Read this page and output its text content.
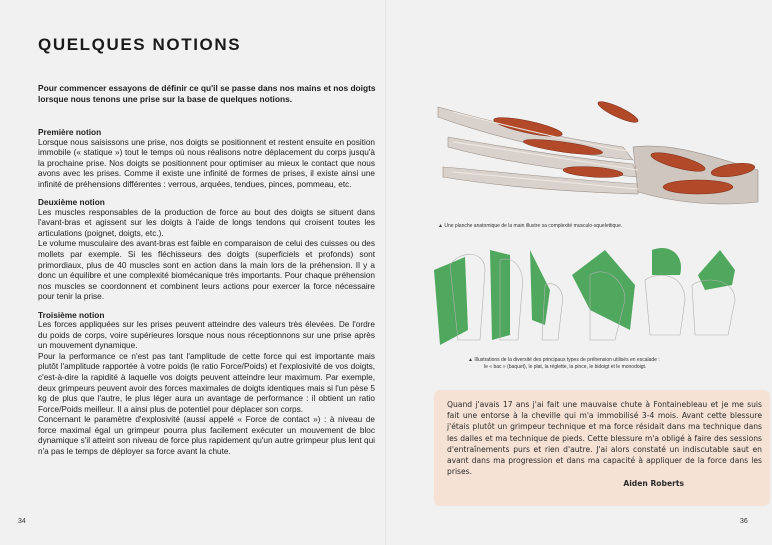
QUELQUES NOTIONS
Pour commencer essayons de définir ce qu'il se passe dans nos mains et nos doigts lorsque nous tenons une prise sur la base de quelques notions.
Première notion

Lorsque nous saisissons une prise, nos doigts se positionnent et restent ensuite en position immobile (« statique ») tout le temps où nous réalisons notre déplacement du corps jusqu'à la prochaine prise. Nos doigts se positionnent pour optimiser au mieux le contact que nous avons avec les prises. Comme il existe une infinité de formes de prises, il existe ainsi une infinité de préhensions différentes : verrous, arquées, tendues, pinces, pommeau, etc.

Deuxième notion

Les muscles responsables de la production de force au bout des doigts se situent dans l'avant-bras et agissent sur les doigts à l'aide de longs tendons qui croisent toutes les articulations (poignet, doigts, etc.).

Le volume musculaire des avant-bras est faible en comparaison de celui des cuisses ou des mollets par exemple. Si les fléchisseurs des doigts (superficiels et profonds) sont primordiaux, plus de 40 muscles sont en action dans la main lors de la préhension. Il y a donc un équilibre et une complexité biomécanique très importants. Pour chaque préhension nos muscles se coordonnent et combinent leurs actions pour exercer la force nécessaire pour tenir la prise.

Troisième notion

Les forces appliquées sur les prises peuvent atteindre des valeurs très élevées. De l'ordre du poids de corps, voire supérieures lorsque nous nous réceptionnons sur une prise après un mouvement dynamique.

Pour la performance ce n'est pas tant l'amplitude de cette force qui est importante mais plutôt l'amplitude rapportée à votre poids (le ratio Force/Poids) et l'explosivité de vos doigts, c'est-à-dire la rapidité à laquelle vos doigts peuvent atteindre leur maximum. Par exemple, deux grimpeurs peuvent avoir des forces maximales de doigts identiques mais si l'un pèse 5 kg de plus que l'autre, le plus léger aura un avantage de performance : il obtient un ratio Force/Poids meilleur. Il a ainsi plus de potentiel pour déplacer son corps.

Concernant le paramètre d'explosivité (aussi appelé « Force de contact ») : à niveau de force maximal égal un grimpeur pourra plus facilement exécuter un mouvement de bloc dynamique s'il atteint son niveau de force plus rapidement qu'un autre grimpeur plus lent qui n'a pas le temps de déployer sa force avant la chute.

▲ Une planche anatomique de la main illustre sa complexité musculo-squelettique.
▲ Illustrations de la diversité des principaux types de préhension utilisés en escalade :
le « bac » (baquet), le plat, la réglette, la pince, le bidoigt et le monodoigt.
Quand j'avais 17 ans j'ai fait une mauvaise chute à Fontainebleau et je me suis fait une entorse à la cheville qui m'a immobilisé 3-4 mois. Avant cette blessure j'étais plutôt un grimpeur technique et ma force résidait dans ma technique dans les dalles et ma technique de pieds. Cette blessure m'a obligé à faire des sessions d'entraînements purs et rien d'autre. J'ai alors constaté un indiscutable saut en avant dans ma progression et dans ma capacité à appliquer de la force dans les prises.
Aiden Roberts
34	36
